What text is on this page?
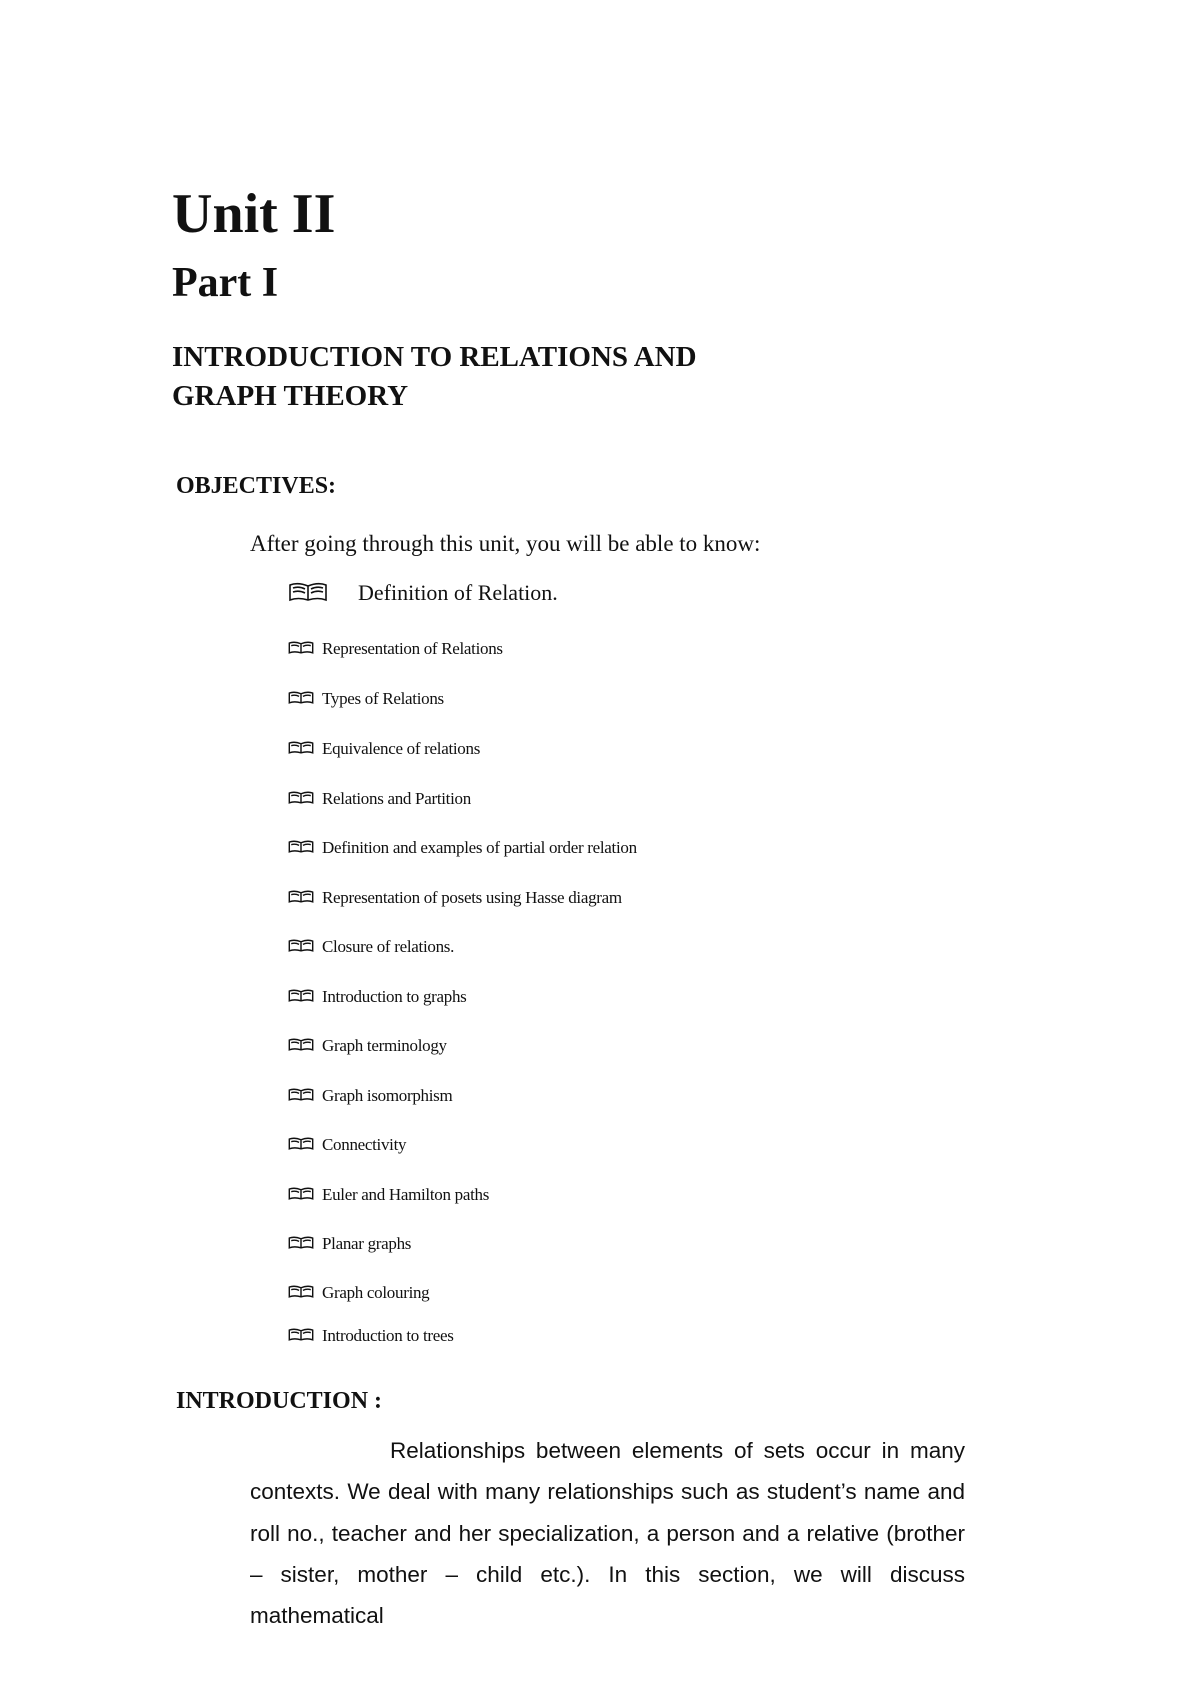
Unit II
Part I
INTRODUCTION TO RELATIONS AND GRAPH THEORY
OBJECTIVES:
After going through this unit, you will be able to know:
Definition of Relation.
Representation of Relations
Types of Relations
Equivalence of relations
Relations and Partition
Definition and examples of partial order relation
Representation of posets using Hasse diagram
Closure of relations.
Introduction to graphs
Graph terminology
Graph isomorphism
Connectivity
Euler and Hamilton paths
Planar graphs
Graph colouring
Introduction to trees
INTRODUCTION :

Relationships between elements of sets occur in many contexts. We deal with many relationships such as student’s name and roll no., teacher and her specialization, a person and a relative (brother – sister, mother – child etc.). In this section, we will discuss mathematical
